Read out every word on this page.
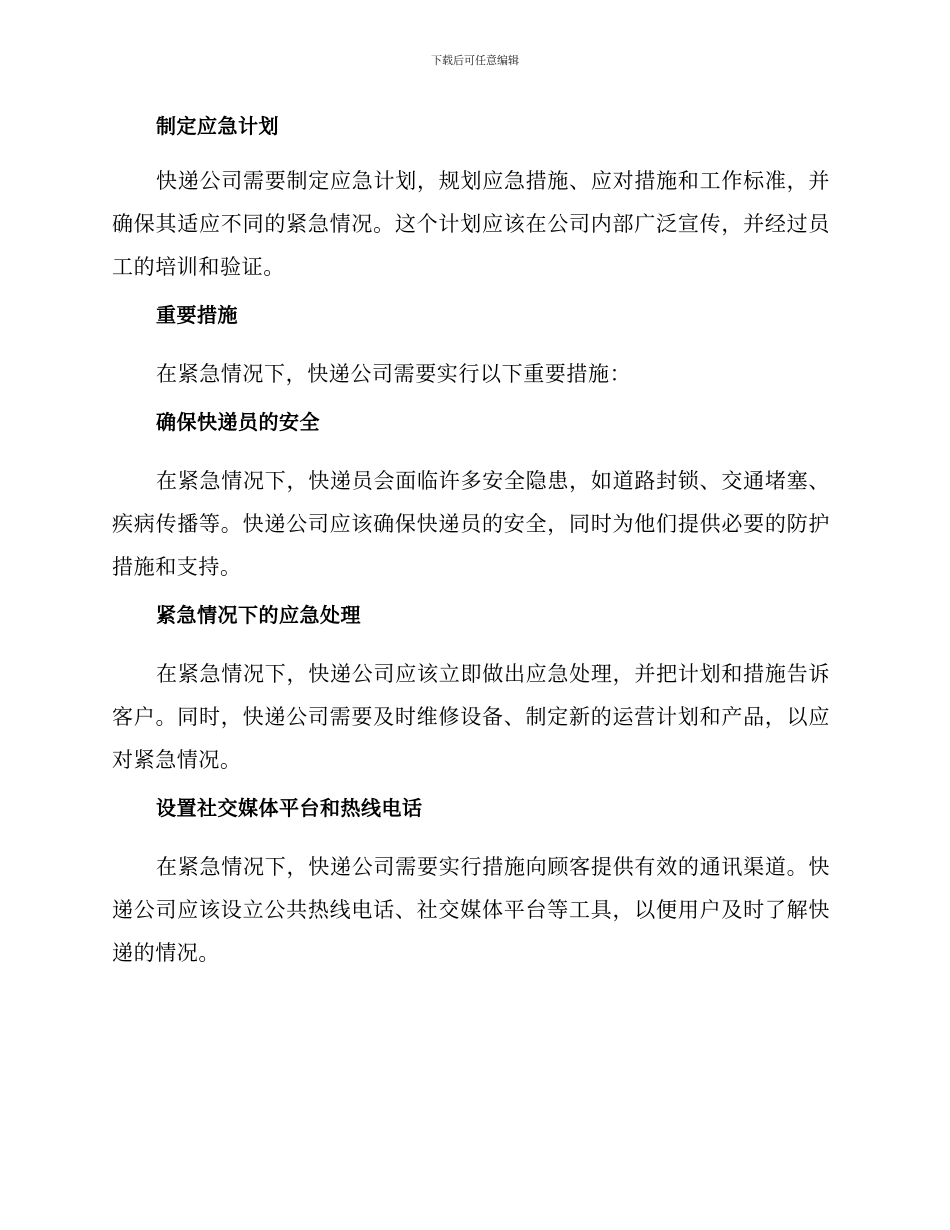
下载后可任意编辑
制定应急计划

快递公司需要制定应急计划，规划应急措施、应对措施和工作标准，并确保其适应不同的紧急情况。这个计划应该在公司内部广泛宣传，并经过员工的培训和验证。

重要措施

在紧急情况下，快递公司需要实行以下重要措施：

确保快递员的安全

在紧急情况下，快递员会面临许多安全隐患，如道路封锁、交通堵塞、疾病传播等。快递公司应该确保快递员的安全，同时为他们提供必要的防护措施和支持。

紧急情况下的应急处理

在紧急情况下，快递公司应该立即做出应急处理，并把计划和措施告诉客户。同时，快递公司需要及时维修设备、制定新的运营计划和产品，以应对紧急情况。

设置社交媒体平台和热线电话

在紧急情况下，快递公司需要实行措施向顾客提供有效的通讯渠道。快递公司应该设立公共热线电话、社交媒体平台等工具，以便用户及时了解快递的情况。
